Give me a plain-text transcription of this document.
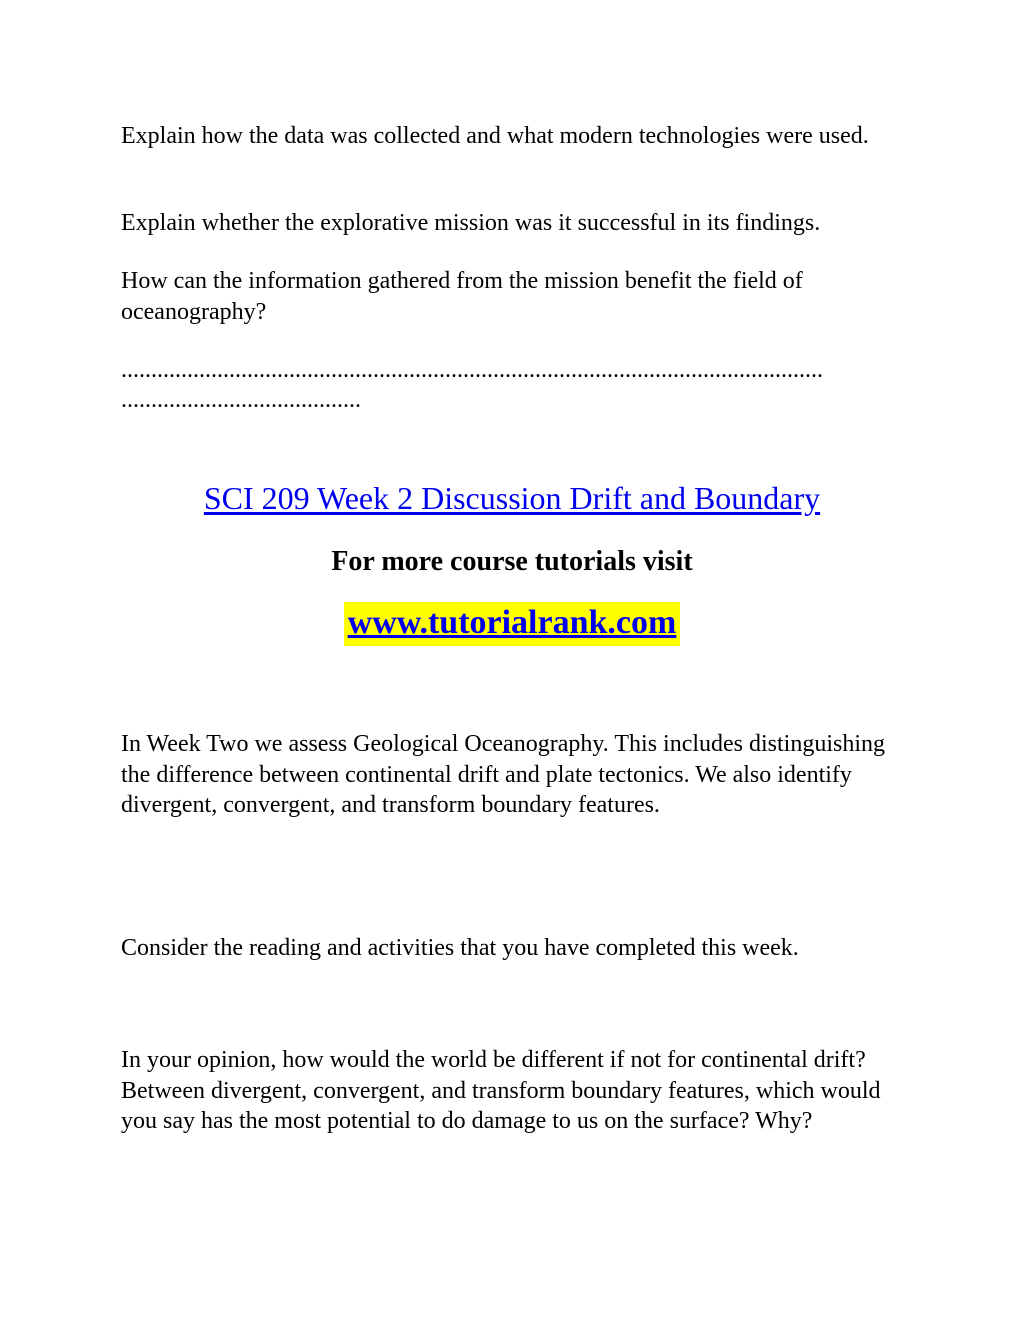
Explain how the data was collected and what modern technologies were used.

Explain whether the explorative mission was it successful in its findings.

How can the information gathered from the mission benefit the field of oceanography?

.....................................................................................................................

........................................

SCI 209 Week 2 Discussion Drift and Boundary

For more course tutorials visit

www.tutorialrank.com

In Week Two we assess Geological Oceanography. This includes distinguishing the difference between continental drift and plate tectonics. We also identify divergent, convergent, and transform boundary features.

Consider the reading and activities that you have completed this week.

In your opinion, how would the world be different if not for continental drift? Between divergent, convergent, and transform boundary features, which would you say has the most potential to do damage to us on the surface? Why?
